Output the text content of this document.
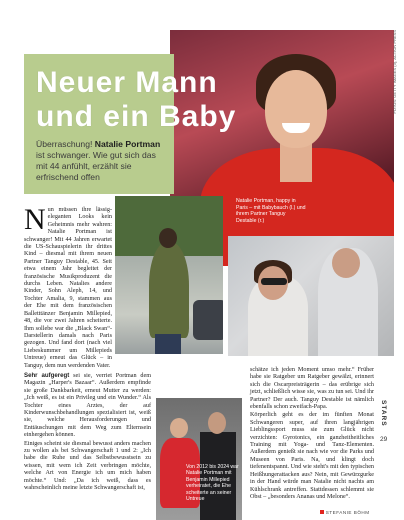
FOTOS: GETTY IMAGES (3), ACTION PRESS
Neuer Mann
und ein Baby
Überraschung! Natalie Portman ist schwanger. Wie gut sich das mit 44 anfühlt, erzählt sie erfrischend offen
Natalie Portman, happy in Paris – mit Babybauch (l.) und ihrem Partner Tanguy Destable (r.)
Von 2012 bis 2024 war Natalie Portman mit Benjamin Millepied verheiratet, die Ehe scheiterte an seiner Untreue
N un müssen ihre lässig-eleganten Looks kein Geheimnis mehr wahren: Natalie Portman ist schwanger! Mit 44 Jahren erwartet die US-Schauspielerin ihr drittes Kind – diesmal mit ihrem neuen Partner Tanguy Destable, 45. Seit etwa einem Jahr begleitet der französische Musikproduzent die durchs Leben. Natalies andere Kinder, Sohn Aleph, 14, und Tochter Amalia, 9, stammen aus der Ehe mit dem französischen Balletttänzer Benjamin Millepied, 48, die vor zwei Jahren scheiterte. Ihm sollebe war die „Black Swan“-Darstellerin damals nach Paris gezogen. Und fand dort (nach viel Liebeskummer um Millepieds Untreue) erneut das Glück – in Tanguy, dem nun werdenden Vater.

Sehr aufgeregt sei sie, verriet Portman dem Magazin „Harper's Bazaar“. Außerdem empfinde sie große Dankbarkeit, erneut Mutter zu werden: „Ich weiß, es ist ein Privileg und ein Wunder.“ Als Tochter eines Arztes, der auf Kinderwunschbehandlungen spezialisiert ist, weiß sie, welche Herausforderungen und Enttäuschungen mit dem Weg zum Elternsein einhergehen können.

Einiges scheint sie diesmal bewusst anders machen zu wollen als bei Schwangerschaft 1 und 2: „Ich habe die Ruhe und das Selbstbewusstsein zu wissen, mit wem ich Zeit verbringen möchte, welche Art von Energie ich um mich haben möchte.“ Und: „Da ich weiß, dass es wahrscheinlich meine letzte Schwangerschaft ist,

schätze ich jeden Moment umso mehr.“ Früher habe sie Ratgeber um Ratgeber gewälzt, erinnert sich die Oscarpreisträgerin – das erübrige sich jetzt, schließlich wisse sie, was zu tun sei. Und ihr Partner? Der auch. Tanguy Destable ist nämlich ebenfalls schon zweifach-Papa.

Körperlich geht es der im fünften Monat Schwangeren super, auf ihren langjährigen Lieblingssport muss sie zum Glück nicht verzichten: Gyrotonics, ein ganzheitheitliches Training mit Yoga- und Tanz-Elementen. Außerdem genießt sie nach wie vor die Parks und Museen von Paris. Na, und klingt doch tiefenentspannt. Und wie steht's mit den typischen Heißhungerattacken aus? Nein, mit Gewürzgurke in der Hand würde man Natalie nicht nachts am Kühlschrank antreffen. Stattdessen schlemmt sie Obst – „besonders Ananas und Melone“.

STEFANIE BÖHM
STARS
29
